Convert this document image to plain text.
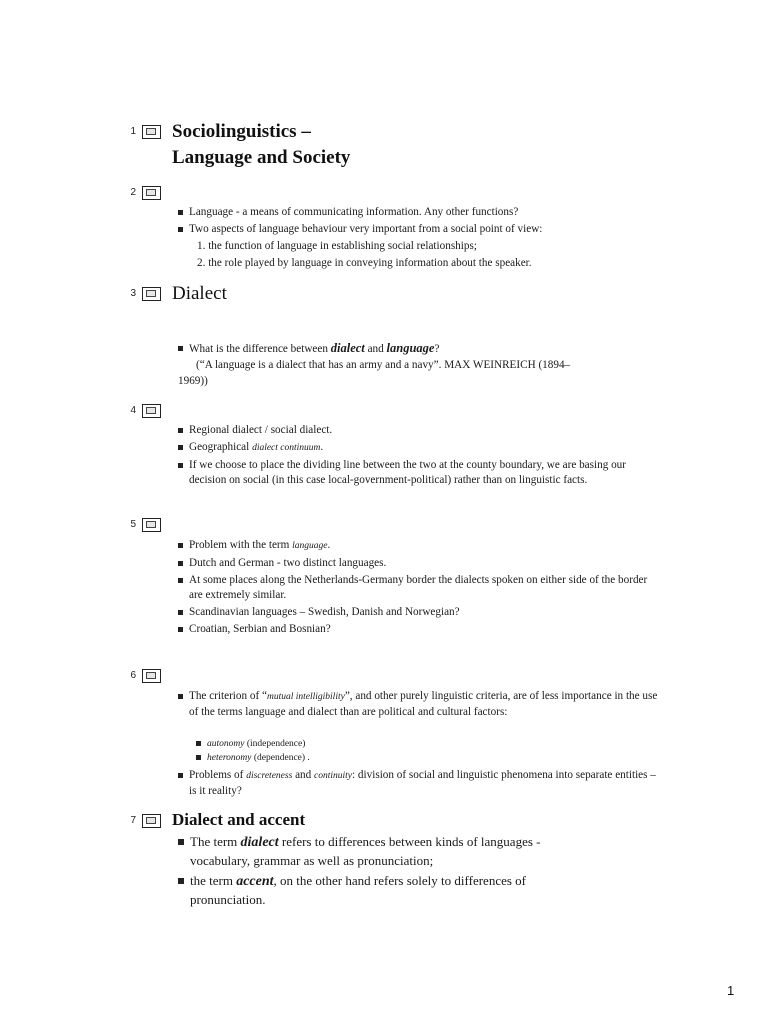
1 Sociolinguistics –
Language and Society
2
Language - a means of communicating information. Any other functions?
Two aspects of language behaviour very important from a social point of view:
1. the function of language in establishing social relationships;
2. the role played by language in conveying information about the speaker.
3 Dialect
What is the difference between dialect and language?
(“A language is a dialect that has an army and a navy”. MAX WEINREICH (1894–
1969))
4
Regional dialect / social dialect.
Geographical dialect continuum.
If we choose to place the dividing line between the two at the county boundary, we are basing our decision on social (in this case local-government-political) rather than on linguistic facts.
5
Problem with the term language.
Dutch and German - two distinct languages.
At some places along the Netherlands-Germany border the dialects spoken on either side of the border are extremely similar.
Scandinavian languages – Swedish, Danish and Norwegian?
Croatian, Serbian and Bosnian?
6
The criterion of “mutual intelligibility”, and other purely linguistic criteria, are of less importance in the use of the terms language and dialect than are political and cultural factors:
autonomy (independence)
heteronomy (dependence) .
Problems of discreteness and continuity: division of social and linguistic phenomena into separate entities – is it reality?
7 Dialect and accent
The term dialect refers to differences between kinds of languages - vocabulary, grammar as well as pronunciation;
the term accent, on the other hand refers solely to differences of pronunciation.
1
